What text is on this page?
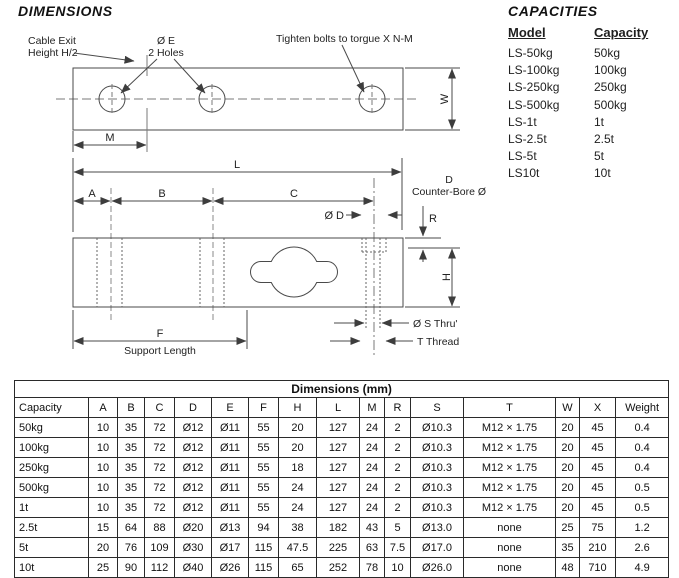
DIMENSIONS
Cable Exit
Height H/2
Ø E
2 Holes
Tighten bolts to torgue X N-M
W
M
L
A	B	C
Ø D
D
Counter-Bore Ø
R
H
Ø S Thru'
T Thread
F
Support Length
CAPACITIES
Model	Capacity
LS-50kg	50kg
LS-100kg	100kg
LS-250kg	250kg
LS-500kg	500kg
LS-1t	1t
LS-2.5t	2.5t
LS-5t	5t
LS10t	10t
Dimensions (mm)															
Capacity	A	B	C	D	E	F	H	L	M	R	S	T	W	X	Weight
50kg	10	35	72	Ø12	Ø11	55	20	127	24	2	Ø10.3	M12 × 1.75	20	45	0.4
100kg	10	35	72	Ø12	Ø11	55	20	127	24	2	Ø10.3	M12 × 1.75	20	45	0.4
250kg	10	35	72	Ø12	Ø11	55	18	127	24	2	Ø10.3	M12 × 1.75	20	45	0.4
500kg	10	35	72	Ø12	Ø11	55	24	127	24	2	Ø10.3	M12 × 1.75	20	45	0.5
1t	10	35	72	Ø12	Ø11	55	24	127	24	2	Ø10.3	M12 × 1.75	20	45	0.5
2.5t	15	64	88	Ø20	Ø13	94	38	182	43	5	Ø13.0	none	25	75	1.2
5t	20	76	109	Ø30	Ø17	115	47.5	225	63	7.5	Ø17.0	none	35	210	2.6
10t	25	90	112	Ø40	Ø26	115	65	252	78	10	Ø26.0	none	48	710	4.9
